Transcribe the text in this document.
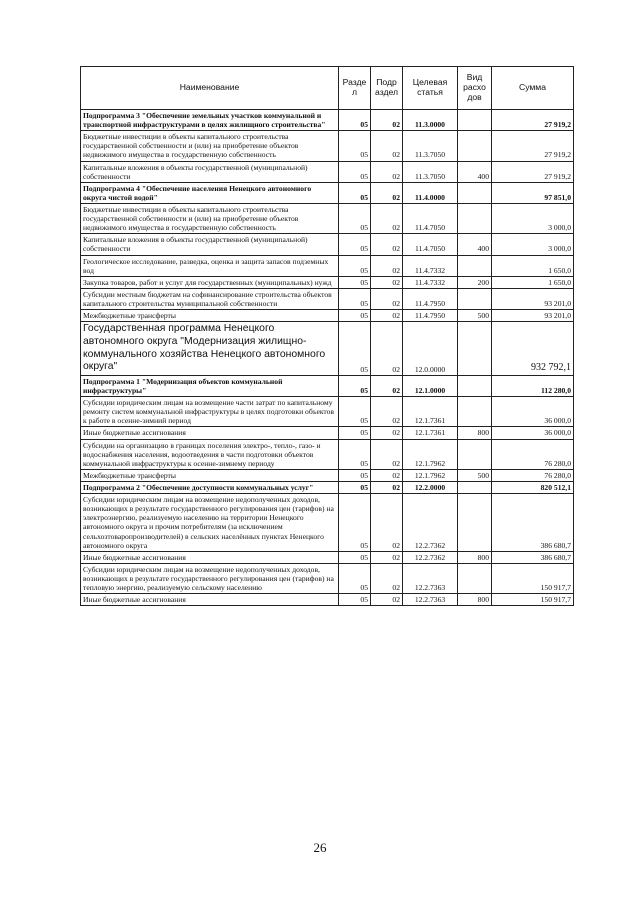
Наименование	Разде л	Подр аздел	Целевая статья	Вид расхо дов	Сумма
Подпрограмма 3 "Обеспечение земельных участков коммунальной и транспортной инфраструктурами в целях жилищного строительства"	05	02	11.3.0000		27 919,2
Бюджетные инвестиции в объекты капитального строительства государственной собственности и (или) на приобретение объектов недвижимого имущества в государственную собственность	05	02	11.3.7050		27 919,2
Капитальные вложения в объекты государственной (муниципальной) собственности	05	02	11.3.7050	400	27 919,2
Подпрограмма 4 "Обеспечение населения Ненецкого автономного округа чистой водой"	05	02	11.4.0000		97 851,0
Бюджетные инвестиции в объекты капитального строительства государственной собственности и (или) на приобретение объектов недвижимого имущества в государственную собственность	05	02	11.4.7050		3 000,0
Капитальные вложения в объекты государственной (муниципальной) собственности	05	02	11.4.7050	400	3 000,0
Геологическое исследование, разведка, оценка и защита запасов подземных вод	05	02	11.4.7332		1 650,0
Закупка товаров, работ и услуг для государственных (муниципальных) нужд	05	02	11.4.7332	200	1 650,0
Субсидии местным бюджетам на софинансирование строительства объектов капитального строительства муниципальной собственности	05	02	11.4.7950		93 201,0
Межбюджетные трансферты	05	02	11.4.7950	500	93 201,0
Государственная программа Ненецкого автономного округа "Модернизация жилищно-коммунального хозяйства Ненецкого автономного округа"	05	02	12.0.0000		932 792,1
Подпрограмма 1 "Модернизация объектов коммунальной инфраструктуры"	05	02	12.1.0000		112 280,0
Субсидии юридическим лицам на возмещение части затрат по капитальному ремонту систем коммунальной инфраструктуры в целях подготовки объектов к работе в осенне-зимний период	05	02	12.1.7361		36 000,0
Иные бюджетные ассигнования	05	02	12.1.7361	800	36 000,0
Субсидии на организацию в границах поселения электро-, тепло-, газо- и водоснабжения населения, водоотведения в части подготовки объектов коммунальной инфраструктуры к осенне-зимнему периоду	05	02	12.1.7962		76 280,0
Межбюджетные трансферты	05	02	12.1.7962	500	76 280,0
Подпрограмма 2 "Обеспечение доступности коммунальных услуг"	05	02	12.2.0000		820 512,1
Субсидии юридическим лицам на возмещение недополученных доходов, возникающих в результате государственного регулирования цен (тарифов) на электроэнергию, реализуемую населению на территории Ненецкого автономного округа и прочим потребителям (за исключением сельхозтоваропроизводителей) в сельских населённых пунктах Ненецкого автономного округа	05	02	12.2.7362		386 680,7
Иные бюджетные ассигнования	05	02	12.2.7362	800	386 680,7
Субсидии юридическим лицам на возмещение недополученных доходов, возникающих в результате государственного регулирования цен (тарифов) на тепловую энергию, реализуемую сельскому населению	05	02	12.2.7363		150 917,7
Иные бюджетные ассигнования	05	02	12.2.7363	800	150 917,7
26
